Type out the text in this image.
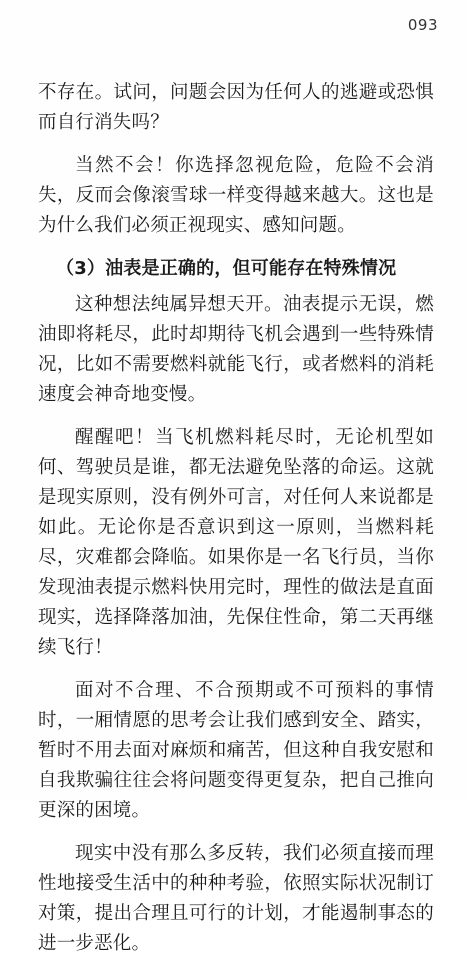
093

不存在。试问，问题会因为任何人的逃避或恐惧而自行消失吗？

当然不会！你选择忽视危险，危险不会消失，反而会像滚雪球一样变得越来越大。这也是为什么我们必须正视现实、感知问题。

（3）油表是正确的，但可能存在特殊情况

这种想法纯属异想天开。油表提示无误，燃油即将耗尽，此时却期待飞机会遇到一些特殊情况，比如不需要燃料就能飞行，或者燃料的消耗速度会神奇地变慢。

醒醒吧！当飞机燃料耗尽时，无论机型如何、驾驶员是谁，都无法避免坠落的命运。这就是现实原则，没有例外可言，对任何人来说都是如此。无论你是否意识到这一原则，当燃料耗尽，灾难都会降临。如果你是一名飞行员，当你发现油表提示燃料快用完时，理性的做法是直面现实，选择降落加油，先保住性命，第二天再继续飞行！

面对不合理、不合预期或不可预料的事情时，一厢情愿的思考会让我们感到安全、踏实，暂时不用去面对麻烦和痛苦，但这种自我安慰和自我欺骗往往会将问题变得更复杂，把自己推向更深的困境。

现实中没有那么多反转，我们必须直接而理性地接受生活中的种种考验，依照实际状况制订对策，提出合理且可行的计划，才能遏制事态的进一步恶化。
